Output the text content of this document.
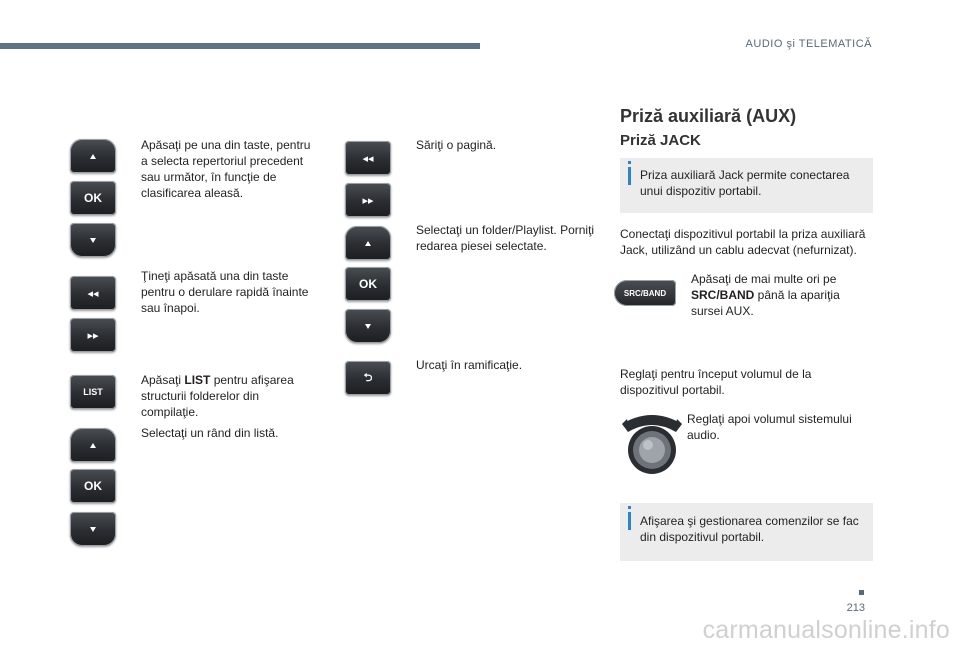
AUDIO şi TELEMATICĂ
OK
Apăsaţi pe una din taste, pentru a selecta repertoriul precedent sau următor, în funcţie de clasificarea aleasă.
◂◂
▸▸
Ţineţi apăsată una din taste pentru o derulare rapidă înainte sau înapoi.
LIST
Apăsaţi LIST pentru afişarea structurii folderelor din compilaţie.
Selectaţi un rând din listă.
OK
◂◂
▸▸
Săriţi o pagină.
OK
Selectaţi un folder/Playlist. Porniţi redarea piesei selectate.
⮌
Urcaţi în ramificaţie.
Priză auxiliară (AUX)
Priză JACK
Priza auxiliară Jack permite conectarea unui dispozitiv portabil.
Conectaţi dispozitivul portabil la priza auxiliară Jack, utilizând un cablu adecvat (nefurnizat).
SRC/BAND
Apăsaţi de mai multe ori pe SRC/BAND până la apariţia sursei AUX.
Reglaţi pentru început volumul de la dispozitivul portabil.
Reglaţi apoi volumul sistemului audio.
Afişarea şi gestionarea comenzilor se fac din dispozitivul portabil.
213
carmanualsonline.info
